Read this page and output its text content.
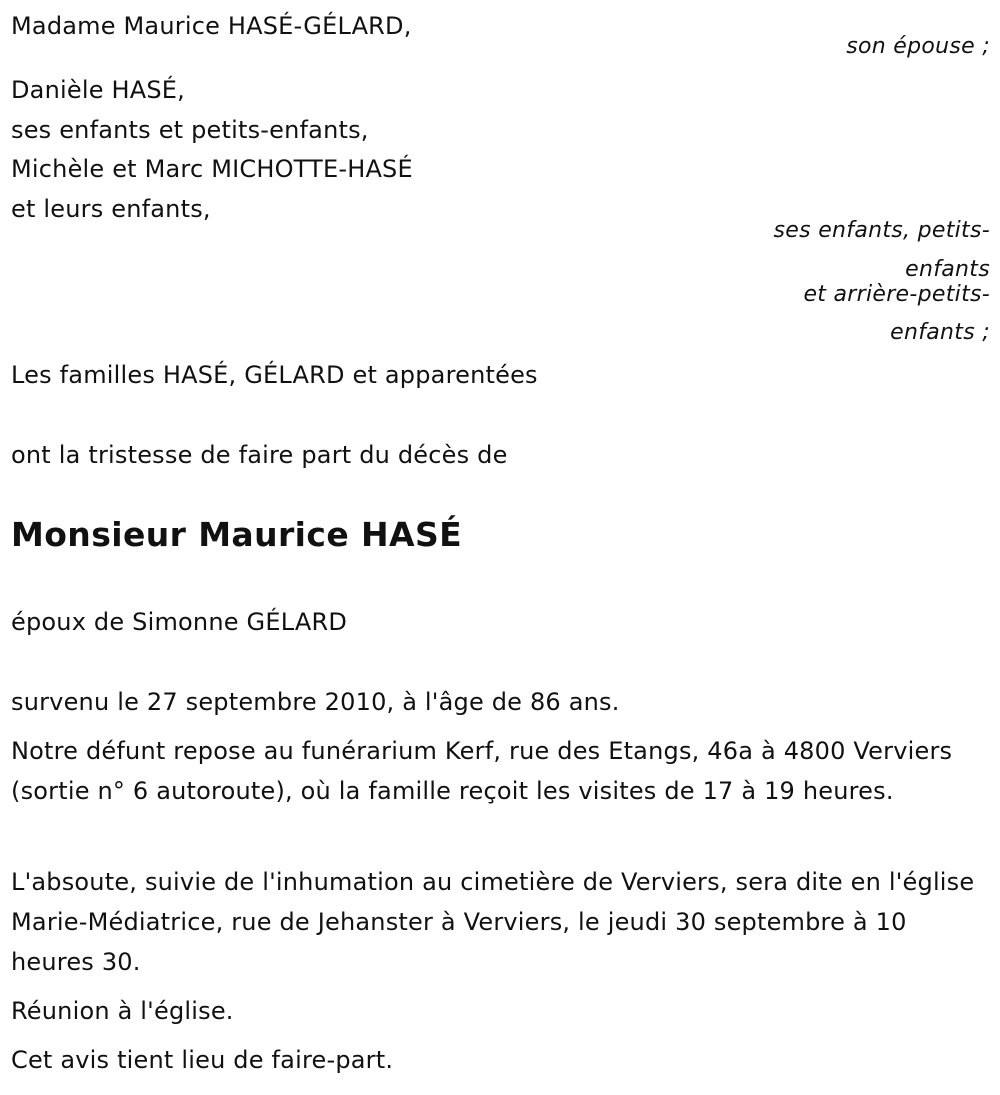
Madame Maurice HASÉ-GÉLARD,
son épouse ;
Danièle HASÉ,
ses enfants et petits-enfants,
Michèle et Marc MICHOTTE-HASÉ
et leurs enfants,
ses enfants, petits-
enfants
et arrière-petits-
enfants ;
Les familles HASÉ, GÉLARD et apparentées
ont la tristesse de faire part du décès de
Monsieur Maurice HASÉ
époux de Simonne GÉLARD
survenu le 27 septembre 2010, à l'âge de 86 ans.
Notre défunt repose au funérarium Kerf, rue des Etangs, 46a à 4800 Verviers (sortie n° 6 autoroute), où la famille reçoit les visites de 17 à 19 heures.
L'absoute, suivie de l'inhumation au cimetière de Verviers, sera dite en l'église Marie-Médiatrice, rue de Jehanster à Verviers, le jeudi 30 septembre à 10 heures 30.
Réunion à l'église.
Cet avis tient lieu de faire-part.
